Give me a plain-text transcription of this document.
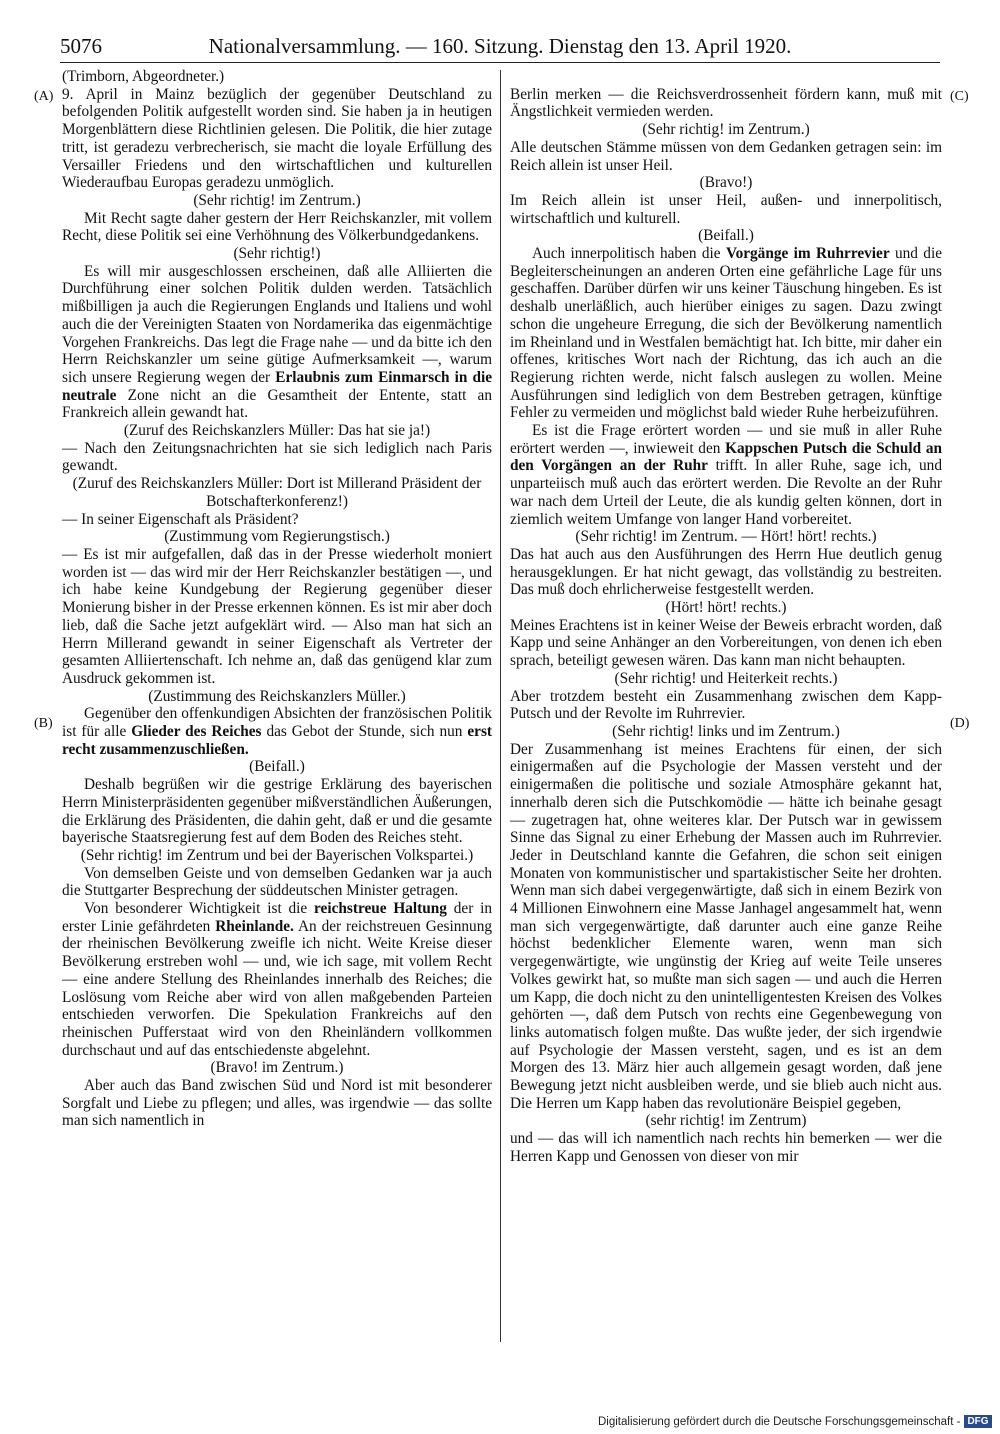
5076	Nationalversammlung. — 160. Sitzung. Dienstag den 13. April 1920.
(A)
(B)
(C)
(D)

(Trimborn, Abgeordneter.)

9. April in Mainz bezüglich der gegenüber Deutschland zu befolgenden Politik aufgestellt worden sind. Sie haben ja in heutigen Morgenblättern diese Richtlinien gelesen. Die Politik, die hier zutage tritt, ist geradezu verbrecherisch, sie macht die loyale Erfüllung des Versailler Friedens und den wirtschaftlichen und kulturellen Wiederaufbau Europas geradezu unmöglich.

(Sehr richtig! im Zentrum.)

Mit Recht sagte daher gestern der Herr Reichskanzler, mit vollem Recht, diese Politik sei eine Verhöhnung des Völkerbundgedankens.

(Sehr richtig!)

Es will mir ausgeschlossen erscheinen, daß alle Alliierten die Durchführung einer solchen Politik dulden werden. Tatsächlich mißbilligen ja auch die Regierungen Englands und Italiens und wohl auch die der Vereinigten Staaten von Nordamerika das eigenmächtige Vorgehen Frankreichs. Das legt die Frage nahe — und da bitte ich den Herrn Reichskanzler um seine gütige Aufmerksamkeit —, warum sich unsere Regierung wegen der Erlaubnis zum Einmarsch in die neutrale Zone nicht an die Gesamtheit der Entente, statt an Frankreich allein gewandt hat.

(Zuruf des Reichskanzlers Müller: Das hat sie ja!)

— Nach den Zeitungsnachrichten hat sie sich lediglich nach Paris gewandt.

(Zuruf des Reichskanzlers Müller: Dort ist Millerand Präsident der Botschafterkonferenz!)

— In seiner Eigenschaft als Präsident?

(Zustimmung vom Regierungstisch.)

— Es ist mir aufgefallen, daß das in der Presse wiederholt moniert worden ist — das wird mir der Herr Reichskanzler bestätigen —, und ich habe keine Kundgebung der Regierung gegenüber dieser Monierung bisher in der Presse erkennen können. Es ist mir aber doch lieb, daß die Sache jetzt aufgeklärt wird. — Also man hat sich an Herrn Millerand gewandt in seiner Eigenschaft als Vertreter der gesamten Alliiertenschaft. Ich nehme an, daß das genügend klar zum Ausdruck gekommen ist.

(Zustimmung des Reichskanzlers Müller.)

Gegenüber den offenkundigen Absichten der französischen Politik ist für alle Glieder des Reiches das Gebot der Stunde, sich nun erst recht zusammenzuschließen.

(Beifall.)

Deshalb begrüßen wir die gestrige Erklärung des bayerischen Herrn Ministerpräsidenten gegenüber mißverständlichen Äußerungen, die Erklärung des Präsidenten, die dahin geht, daß er und die gesamte bayerische Staatsregierung fest auf dem Boden des Reiches steht.

(Sehr richtig! im Zentrum und bei der Bayerischen Volkspartei.)

Von demselben Geiste und von demselben Gedanken war ja auch die Stuttgarter Besprechung der süddeutschen Minister getragen.

Von besonderer Wichtigkeit ist die reichstreue Haltung der in erster Linie gefährdeten Rheinlande. An der reichstreuen Gesinnung der rheinischen Bevölkerung zweifle ich nicht. Weite Kreise dieser Bevölkerung erstreben wohl — und, wie ich sage, mit vollem Recht — eine andere Stellung des Rheinlandes innerhalb des Reiches; die Loslösung vom Reiche aber wird von allen maßgebenden Parteien entschieden verworfen. Die Spekulation Frankreichs auf den rheinischen Pufferstaat wird von den Rheinländern vollkommen durchschaut und auf das entschiedenste abgelehnt.

(Bravo! im Zentrum.)

Aber auch das Band zwischen Süd und Nord ist mit besonderer Sorgfalt und Liebe zu pflegen; und alles, was irgendwie — das sollte man sich namentlich in

Berlin merken — die Reichsverdrossenheit fördern kann, muß mit Ängstlichkeit vermieden werden.

(Sehr richtig! im Zentrum.)

Alle deutschen Stämme müssen von dem Gedanken getragen sein: im Reich allein ist unser Heil.

(Bravo!)

Im Reich allein ist unser Heil, außen- und innerpolitisch, wirtschaftlich und kulturell.

(Beifall.)

Auch innerpolitisch haben die Vorgänge im Ruhrrevier und die Begleiterscheinungen an anderen Orten eine gefährliche Lage für uns geschaffen. Darüber dürfen wir uns keiner Täuschung hingeben. Es ist deshalb unerläßlich, auch hierüber einiges zu sagen. Dazu zwingt schon die ungeheure Erregung, die sich der Bevölkerung namentlich im Rheinland und in Westfalen bemächtigt hat. Ich bitte, mir daher ein offenes, kritisches Wort nach der Richtung, das ich auch an die Regierung richten werde, nicht falsch auslegen zu wollen. Meine Ausführungen sind lediglich von dem Bestreben getragen, künftige Fehler zu vermeiden und möglichst bald wieder Ruhe herbeizuführen.

Es ist die Frage erörtert worden — und sie muß in aller Ruhe erörtert werden —, inwieweit den Kappschen Putsch die Schuld an den Vorgängen an der Ruhr trifft. In aller Ruhe, sage ich, und unparteiisch muß auch das erörtert werden. Die Revolte an der Ruhr war nach dem Urteil der Leute, die als kundig gelten können, dort in ziemlich weitem Umfange von langer Hand vorbereitet.

(Sehr richtig! im Zentrum. — Hört! hört! rechts.)

Das hat auch aus den Ausführungen des Herrn Hue deutlich genug herausgeklungen. Er hat nicht gewagt, das vollständig zu bestreiten. Das muß doch ehrlicherweise festgestellt werden.

(Hört! hört! rechts.)

Meines Erachtens ist in keiner Weise der Beweis erbracht worden, daß Kapp und seine Anhänger an den Vorbereitungen, von denen ich eben sprach, beteiligt gewesen wären. Das kann man nicht behaupten.

(Sehr richtig! und Heiterkeit rechts.)

Aber trotzdem besteht ein Zusammenhang zwischen dem Kapp-Putsch und der Revolte im Ruhrrevier.

(Sehr richtig! links und im Zentrum.)

Der Zusammenhang ist meines Erachtens für einen, der sich einigermaßen auf die Psychologie der Massen versteht und der einigermaßen die politische und soziale Atmosphäre gekannt hat, innerhalb deren sich die Putschkomödie — hätte ich beinahe gesagt — zugetragen hat, ohne weiteres klar. Der Putsch war in gewissem Sinne das Signal zu einer Erhebung der Massen auch im Ruhrrevier. Jeder in Deutschland kannte die Gefahren, die schon seit einigen Monaten von kommunistischer und spartakistischer Seite her drohten. Wenn man sich dabei vergegenwärtigte, daß sich in einem Bezirk von 4 Millionen Einwohnern eine Masse Janhagel angesammelt hat, wenn man sich vergegenwärtigte, daß darunter auch eine ganze Reihe höchst bedenklicher Elemente waren, wenn man sich vergegenwärtigte, wie ungünstig der Krieg auf weite Teile unseres Volkes gewirkt hat, so mußte man sich sagen — und auch die Herren um Kapp, die doch nicht zu den unintelligentesten Kreisen des Volkes gehörten —, daß dem Putsch von rechts eine Gegenbewegung von links automatisch folgen mußte. Das wußte jeder, der sich irgendwie auf Psychologie der Massen versteht, sagen, und es ist an dem Morgen des 13. März hier auch allgemein gesagt worden, daß jene Bewegung jetzt nicht ausbleiben werde, und sie blieb auch nicht aus. Die Herren um Kapp haben das revolutionäre Beispiel gegeben,

(sehr richtig! im Zentrum)

und — das will ich namentlich nach rechts hin bemerken — wer die Herren Kapp und Genossen von dieser von mir

Digitalisierung gefördert durch die Deutsche Forschungsgemeinschaft - DFG
